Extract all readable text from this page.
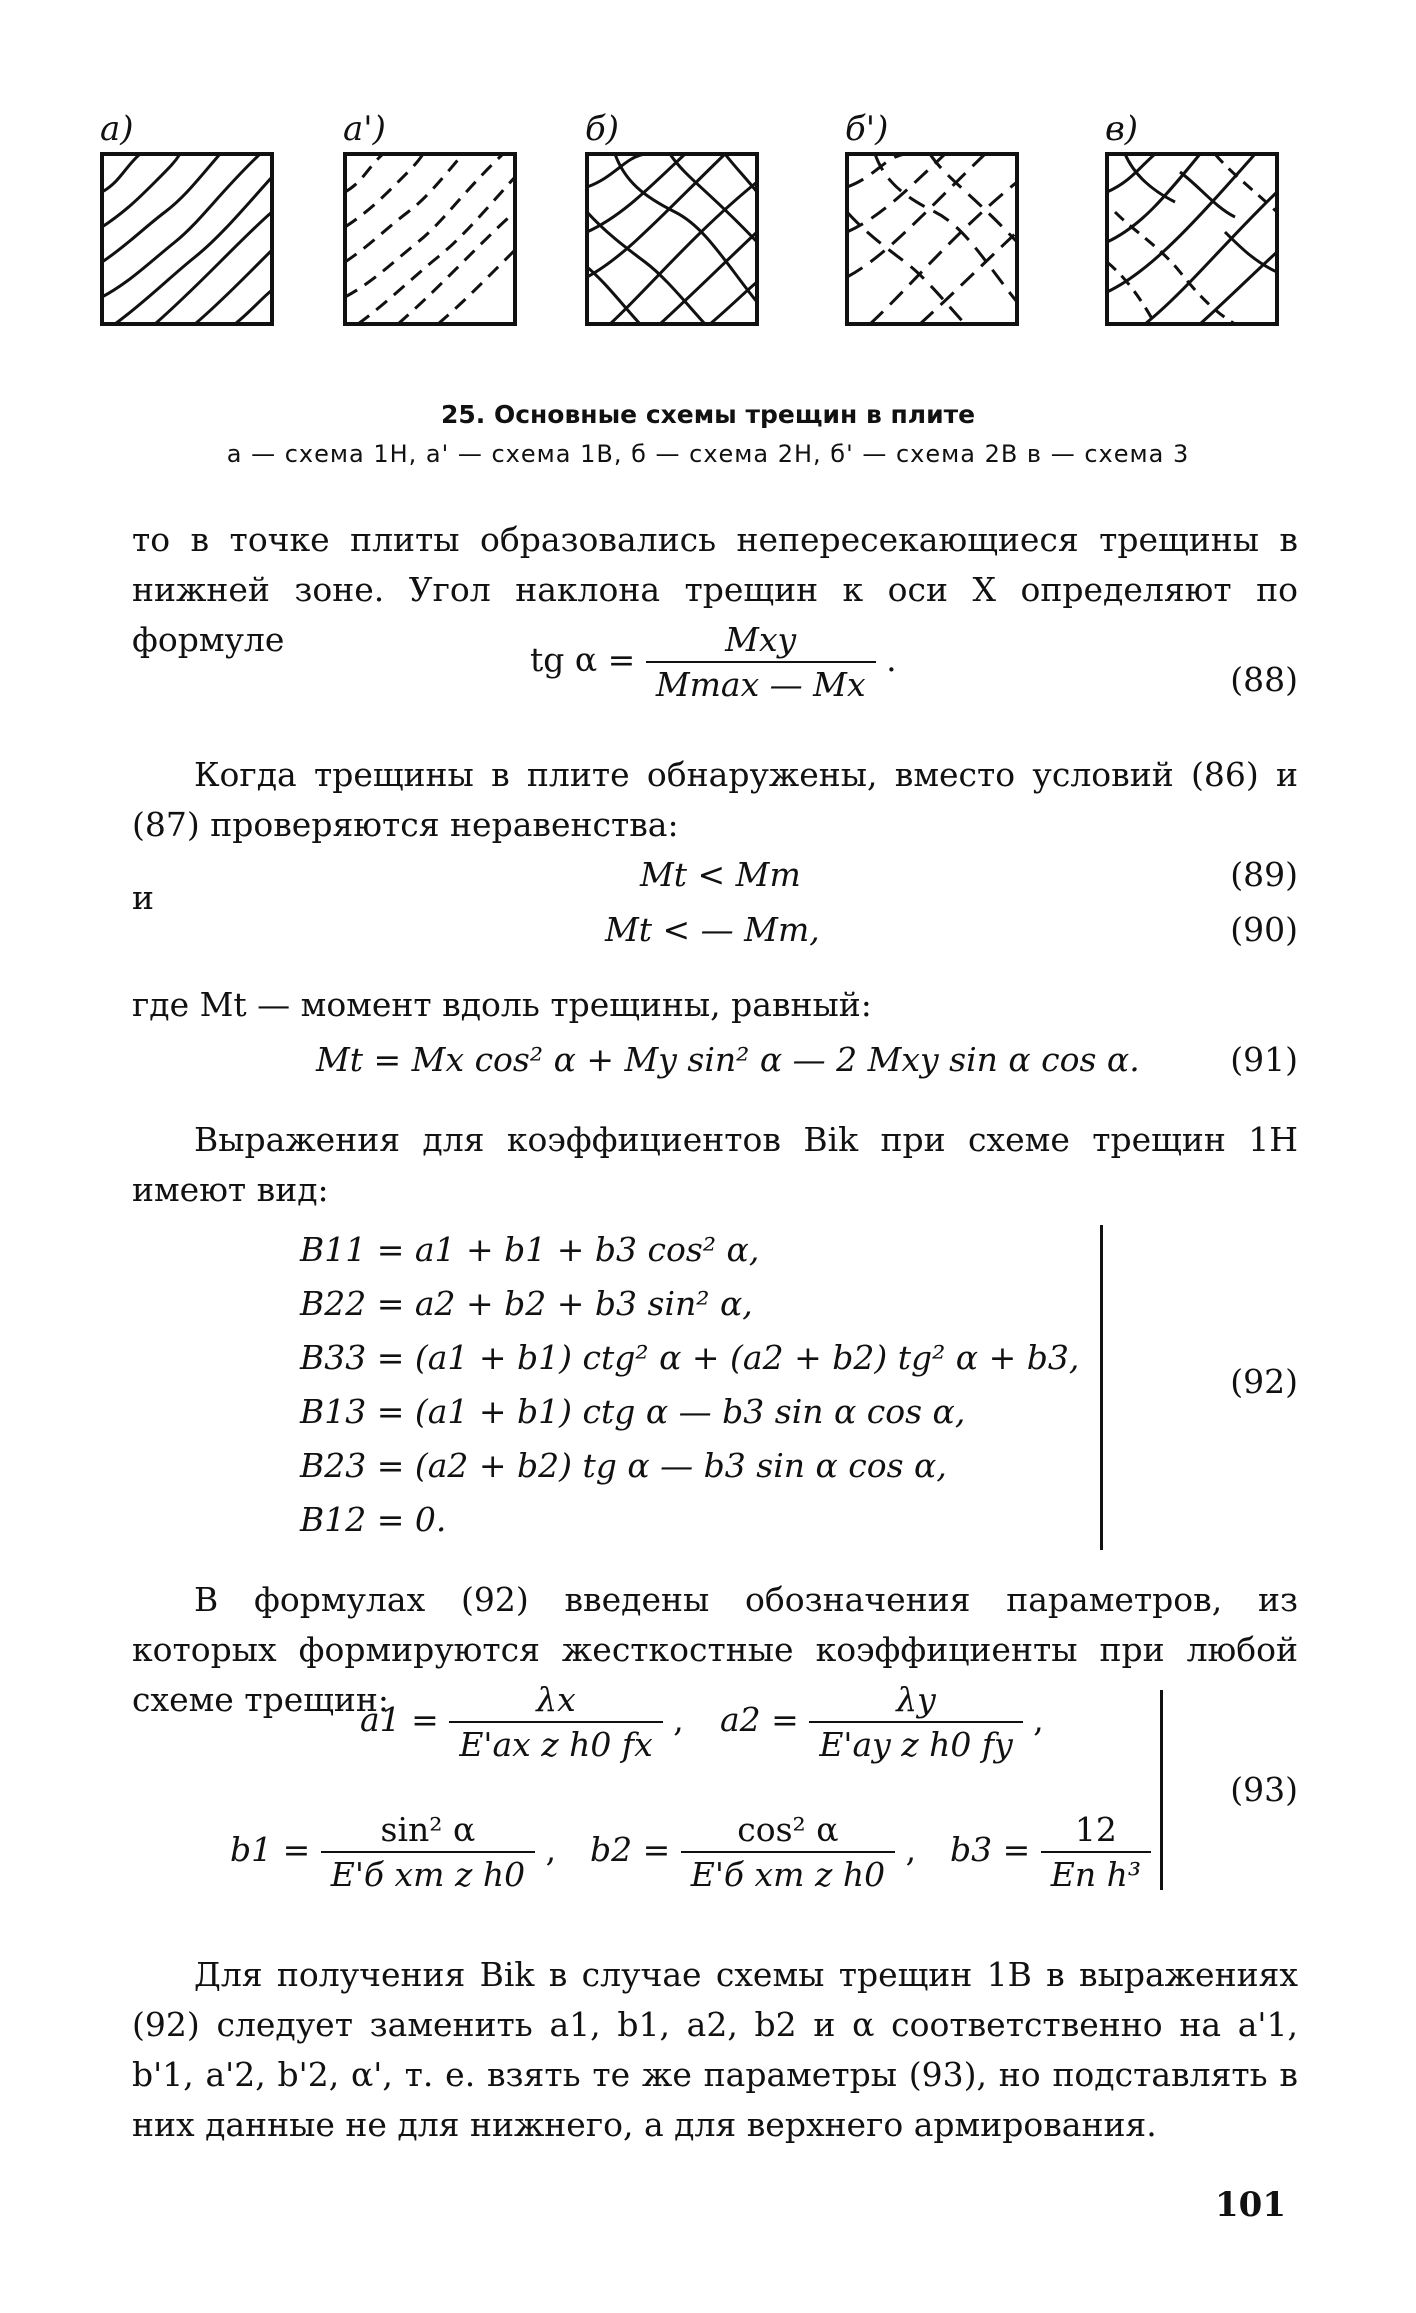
а)	а')	б)	б')	в)
25. Основные схемы трещин в плите
а — схема 1Н, а' — схема 1В, б — схема 2Н, б' — схема 2В в — схема 3
то в точке плиты образовались непересекающиеся трещины в нижней зоне. Угол наклона трещин к оси X определяют по формуле
tg $\alpha = \frac{\text{Mxy}}{Mmax — Mx}$ .
(88)
Когда трещины в плите обнаружены, вместо условий (86) и (87) проверяются неравенства:
и
Mt < Mт	(89)
Mt < — Mт,	(90)
где Mt — момент вдоль трещины, равный:
Mt = Mx cos² α + My sin² α — 2 Mxy sin α cos α.	(91)
Выражения для коэффициентов Bik при схеме трещин 1Н имеют вид:
B11 = a1 + b1 + b3 cos² α,
B22 = a2 + b2 + b3 sin² α,
B33 = (a1 + b1) ctg² α + (a2 + b2) tg² α + b3,
B13 = (a1 + b1) ctg α — b3 sin α cos α,
B23 = (a2 + b2) tg α — b3 sin α cos α,
B12 = 0.
(92)
В формулах (92) введены обозначения параметров, из которых формируются жесткостные коэффициенты при любой схеме трещин:
$a1 = \frac{\lambda x}{\text{E'ax z h0 fx}}$ , $a2 = \frac{\lambda y}{\text{E'ay z h0 fy}}$ ,
$b1 = \frac{\text{sin² α}}{\text{E'б xт z h0}}$ , $b2 = \frac{\text{cos² α}}{\text{E'б xт z h0}}$ , $b3 = \frac{12}{\text{Eп h³}}$
(93)
Для получения Bik в случае схемы трещин 1В в выражениях (92) следует заменить a1, b1, a2, b2 и α соответственно на a'1, b'1, a'2, b'2, α', т. е. взять те же параметры (93), но подставлять в них данные не для нижнего, а для верхнего армирования.
101
